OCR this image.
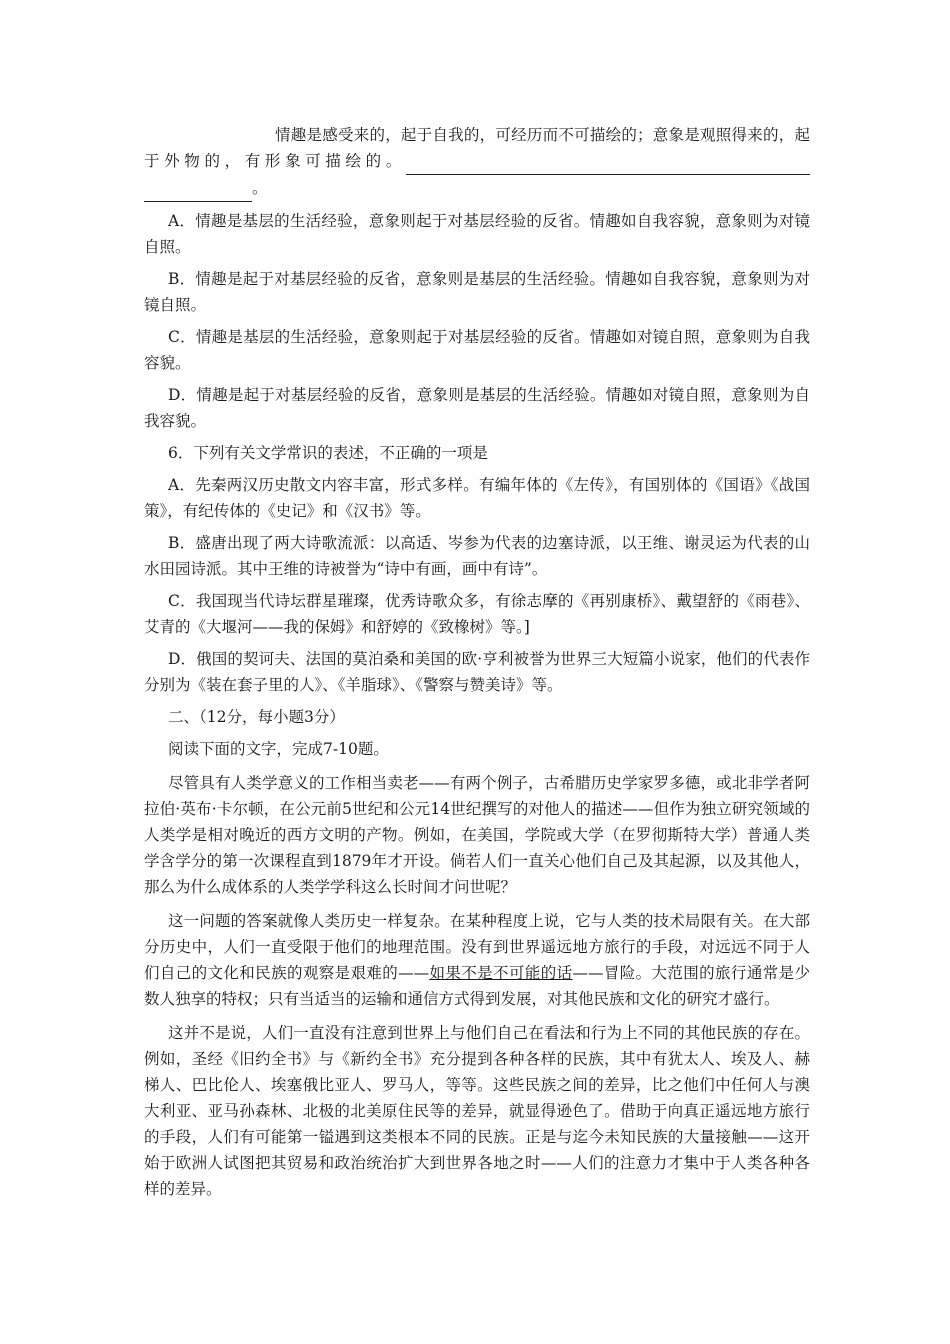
情趣是感受来的，起于自我的，可经历而不可描绘的；意象是观照得来的，起于外物的，有形象可描绘的。  。

A．情趣是基层的生活经验，意象则起于对基层经验的反省。情趣如自我容貌，意象则为对镜自照。

B．情趣是起于对基层经验的反省，意象则是基层的生活经验。情趣如自我容貌，意象则为对镜自照。

C．情趣是基层的生活经验，意象则起于对基层经验的反省。情趣如对镜自照，意象则为自我容貌。

D．情趣是起于对基层经验的反省，意象则是基层的生活经验。情趣如对镜自照，意象则为自我容貌。

6．下列有关文学常识的表述，不正确的一项是

A．先秦两汉历史散文内容丰富，形式多样。有编年体的《左传》，有国别体的《国语》《战国策》，有纪传体的《史记》和《汉书》等。

B．盛唐出现了两大诗歌流派：以高适、岑参为代表的边塞诗派，以王维、谢灵运为代表的山水田园诗派。其中王维的诗被誉为“诗中有画，画中有诗”。

C．我国现当代诗坛群星璀璨，优秀诗歌众多，有徐志摩的《再别康桥》、戴望舒的《雨巷》、艾青的《大堰河——我的保姆》和舒婷的《致橡树》等。]

D．俄国的契诃夫、法国的莫泊桑和美国的欧·亨利被誉为世界三大短篇小说家，他们的代表作分别为《装在套子里的人》、《羊脂球》、《警察与赞美诗》等。

二、（12分，每小题3分）

阅读下面的文字，完成7-10题。

尽管具有人类学意义的工作相当卖老——有两个例子，古希腊历史学家罗多德，或北非学者阿拉伯·英布·卡尔顿，在公元前5世纪和公元14世纪撰写的对他人的描述——但作为独立研究领域的人类学是相对晚近的西方文明的产物。例如，在美国，学院或大学（在罗彻斯特大学）普通人类学含学分的第一次课程直到1879年才开设。倘若人们一直关心他们自己及其起源，以及其他人，那么为什么成体系的人类学学科这么长时间才问世呢？

这一问题的答案就像人类历史一样复杂。在某种程度上说，它与人类的技术局限有关。在大部分历史中，人们一直受限于他们的地理范围。没有到世界遥远地方旅行的手段，对远远不同于人们自己的文化和民族的观察是艰难的——如果不是不可能的话——冒险。大范围的旅行通常是少数人独享的特权；只有当适当的运输和通信方式得到发展，对其他民族和文化的研究才盛行。

这并不是说，人们一直没有注意到世界上与他们自己在看法和行为上不同的其他民族的存在。例如，圣经《旧约全书》与《新约全书》充分提到各种各样的民族，其中有犹太人、埃及人、赫梯人、巴比伦人、埃塞俄比亚人、罗马人，等等。这些民族之间的差异，比之他们中任何人与澳大利亚、亚马孙森林、北极的北美原住民等的差异，就显得逊色了。借助于向真正遥远地方旅行的手段，人们有可能第一镒遇到这类根本不同的民族。正是与迄今未知民族的大量接触——这开始于欧洲人试图把其贸易和政治统治扩大到世界各地之时——人们的注意力才集中于人类各种各样的差异。
